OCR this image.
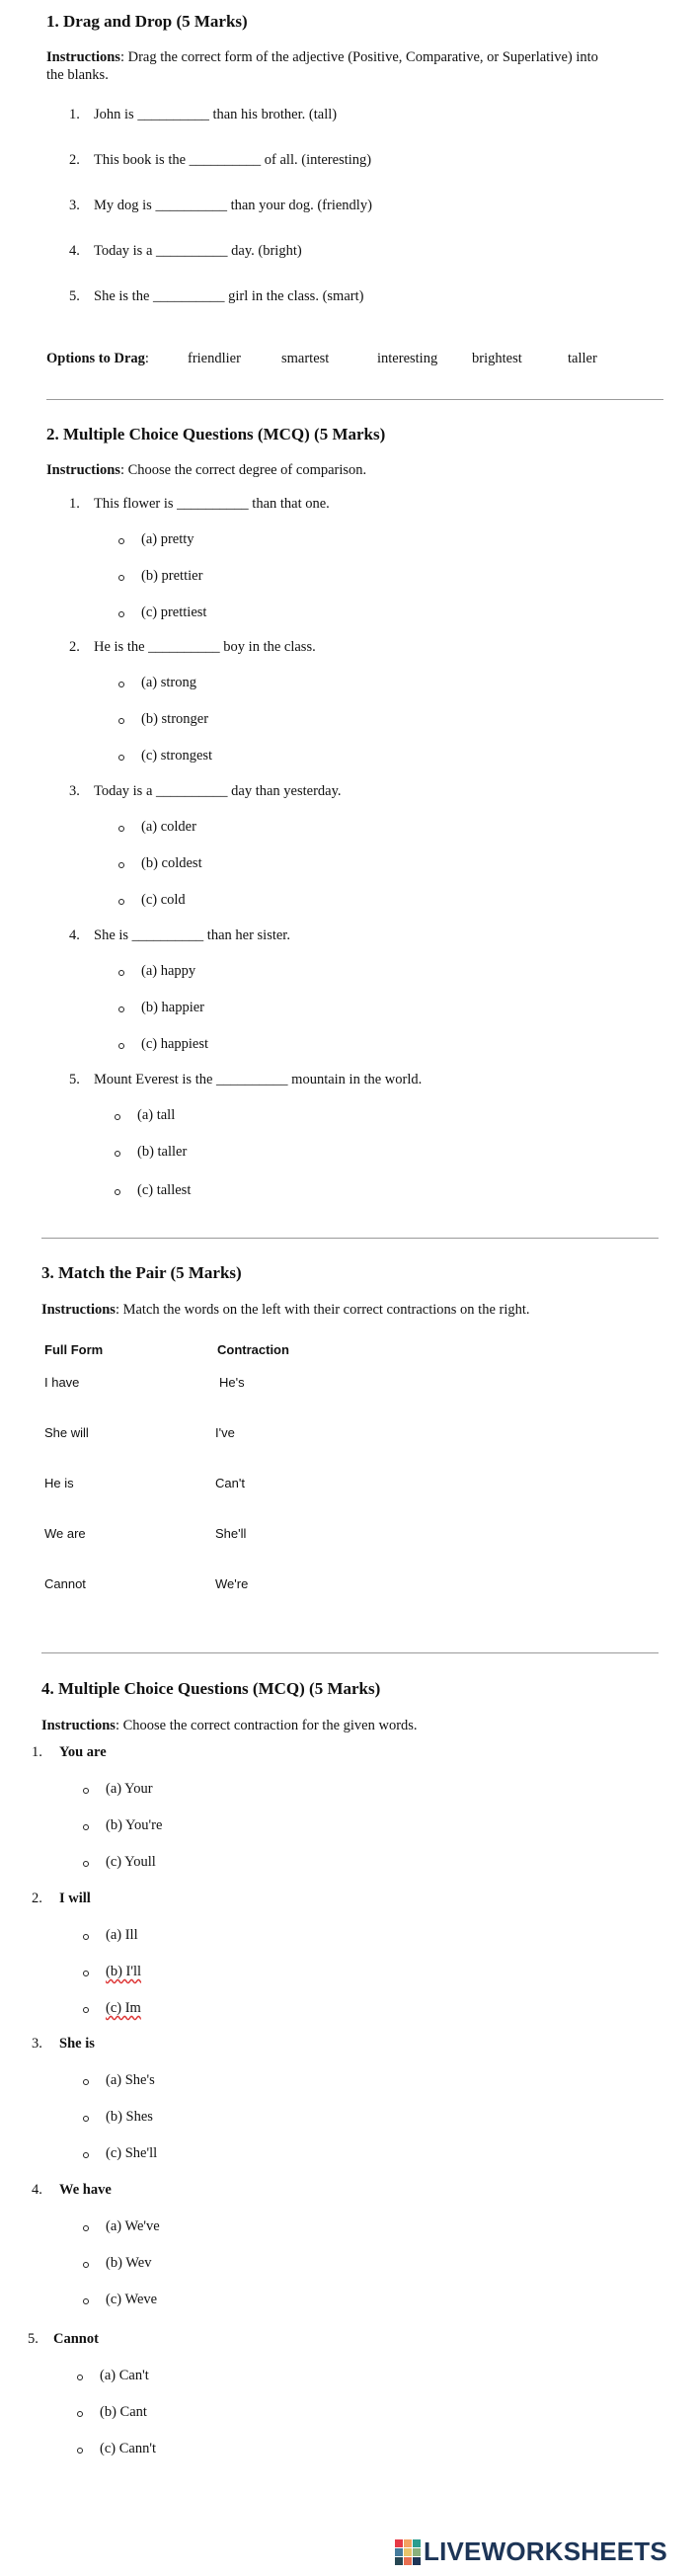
1. Drag and Drop (5 Marks)
Instructions: Drag the correct form of the adjective (Positive, Comparative, or Superlative) into
the blanks.
1. John is __________ than his brother. (tall)
2. This book is the __________ of all. (interesting)
3. My dog is __________ than your dog. (friendly)
4. Today is a __________ day. (bright)
5. She is the __________ girl in the class. (smart)
Options to Drag:	friendlier	smartest	interesting brightest	taller
2. Multiple Choice Questions (MCQ) (5 Marks)
Instructions: Choose the correct degree of comparison.
1. This flower is __________ than that one.
(a) pretty
(b) prettier
(c) prettiest
2. He is the __________ boy in the class.
(a) strong
(b) stronger
(c) strongest
3. Today is a __________ day than yesterday.
(a) colder
(b) coldest
(c) cold
4. She is __________ than her sister.
(a) happy
(b) happier
(c) happiest
5. Mount Everest is the __________ mountain in the world.
(a) tall
(b) taller
(c) tallest
3. Match the Pair (5 Marks)
Instructions: Match the words on the left with their correct contractions on the right.
Full Form	Contraction
I have	He's
She will	I've
He is	Can't
We are	She'll
Cannot	We're
4. Multiple Choice Questions (MCQ) (5 Marks)
Instructions: Choose the correct contraction for the given words.
1. You are
(a) Your
(b) You're
(c) Youll
2. I will
(a) Ill
(b) I'll
(c) Im
3. She is
(a) She's
(b) Shes
(c) She'll
4. We have
(a) We've
(b) Wev
(c) Weve
5. Cannot
(a) Can't
(b) Cant
(c) Cann't
LIVEWORKSHEETS
